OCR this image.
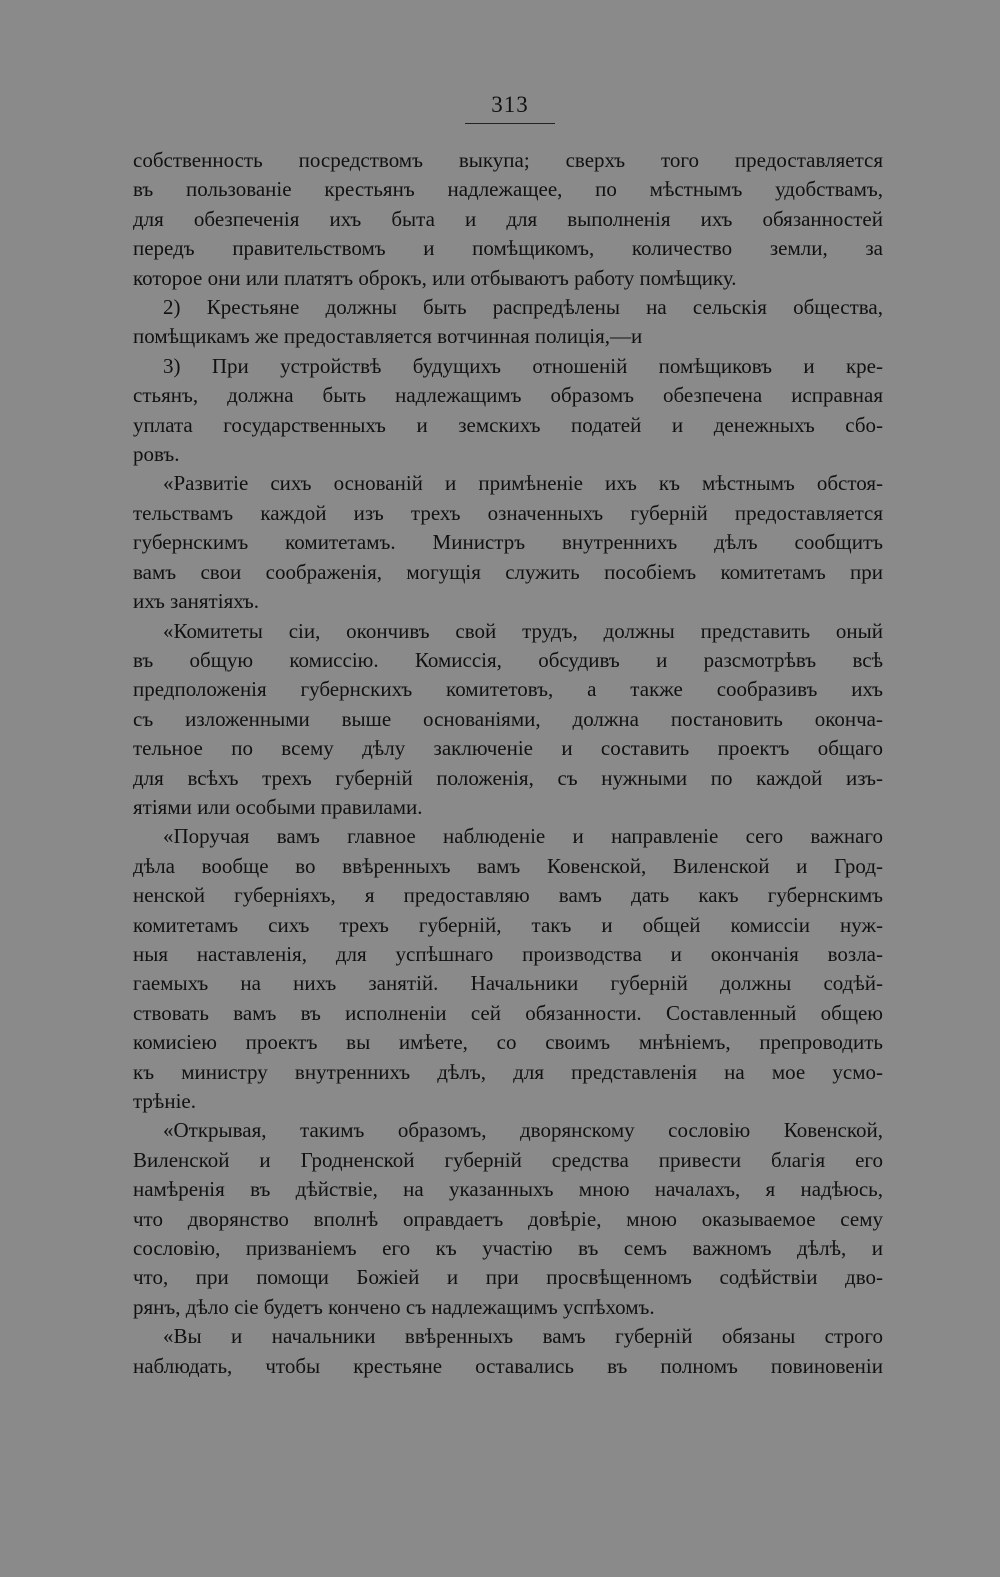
313
собственность посредствомъ выкупа; сверхъ того предоставляется
въ пользованіе крестьянъ надлежащее, по мѣстнымъ удобствамъ,
для обезпеченія ихъ быта и для выполненія ихъ обязанностей
передъ правительствомъ и помѣщикомъ, количество земли, за
которое они или платятъ оброкъ, или отбываютъ работу помѣщику.
2) Крестьяне должны быть распредѣлены на сельскія общества,
помѣщикамъ же предоставляется вотчинная полиція,—и
3) При устройствѣ будущихъ отношеній помѣщиковъ и кре-
стьянъ, должна быть надлежащимъ образомъ обезпечена исправная
уплата государственныхъ и земскихъ податей и денежныхъ сбо-
ровъ.
«Развитіе сихъ основаній и примѣненіе ихъ къ мѣстнымъ обстоя-
тельствамъ каждой изъ трехъ означенныхъ губерній предоставляется
губернскимъ комитетамъ. Министръ внутреннихъ дѣлъ сообщитъ
вамъ свои соображенія, могущія служить пособіемъ комитетамъ при
ихъ занятіяхъ.
«Комитеты сіи, окончивъ свой трудъ, должны представить оный
въ общую комиссію. Комиссія, обсудивъ и разсмотрѣвъ всѣ
предположенія губернскихъ комитетовъ, а также сообразивъ ихъ
съ изложенными выше основаніями, должна постановить оконча-
тельное по всему дѣлу заключеніе и составить проектъ общаго
для всѣхъ трехъ губерній положенія, съ нужными по каждой изъ-
ятіями или особыми правилами.
«Поручая вамъ главное наблюденіе и направленіе сего важнаго
дѣла вообще во ввѣренныхъ вамъ Ковенской, Виленской и Грод-
ненской губерніяхъ, я предоставляю вамъ дать какъ губернскимъ
комитетамъ сихъ трехъ губерній, такъ и общей комиссіи нуж-
ныя наставленія, для успѣшнаго производства и окончанія возла-
гаемыхъ на нихъ занятій. Начальники губерній должны содѣй-
ствовать вамъ въ исполненіи сей обязанности. Составленный общею
комисіею проектъ вы имѣете, со своимъ мнѣніемъ, препроводить
къ министру внутреннихъ дѣлъ, для представленія на мое усмо-
трѣніе.
«Открывая, такимъ образомъ, дворянскому сословію Ковенской,
Виленской и Гродненской губерній средства привести благія его
намѣренія въ дѣйствіе, на указанныхъ мною началахъ, я надѣюсь,
что дворянство вполнѣ оправдаетъ довѣріе, мною оказываемое сему
сословію, призваніемъ его къ участію въ семъ важномъ дѣлѣ, и
что, при помощи Божіей и при просвѣщенномъ содѣйствіи дво-
рянъ, дѣло сіе будетъ кончено съ надлежащимъ успѣхомъ.
«Вы и начальники ввѣренныхъ вамъ губерній обязаны строго
наблюдать, чтобы крестьяне оставались въ полномъ повиновеніи
